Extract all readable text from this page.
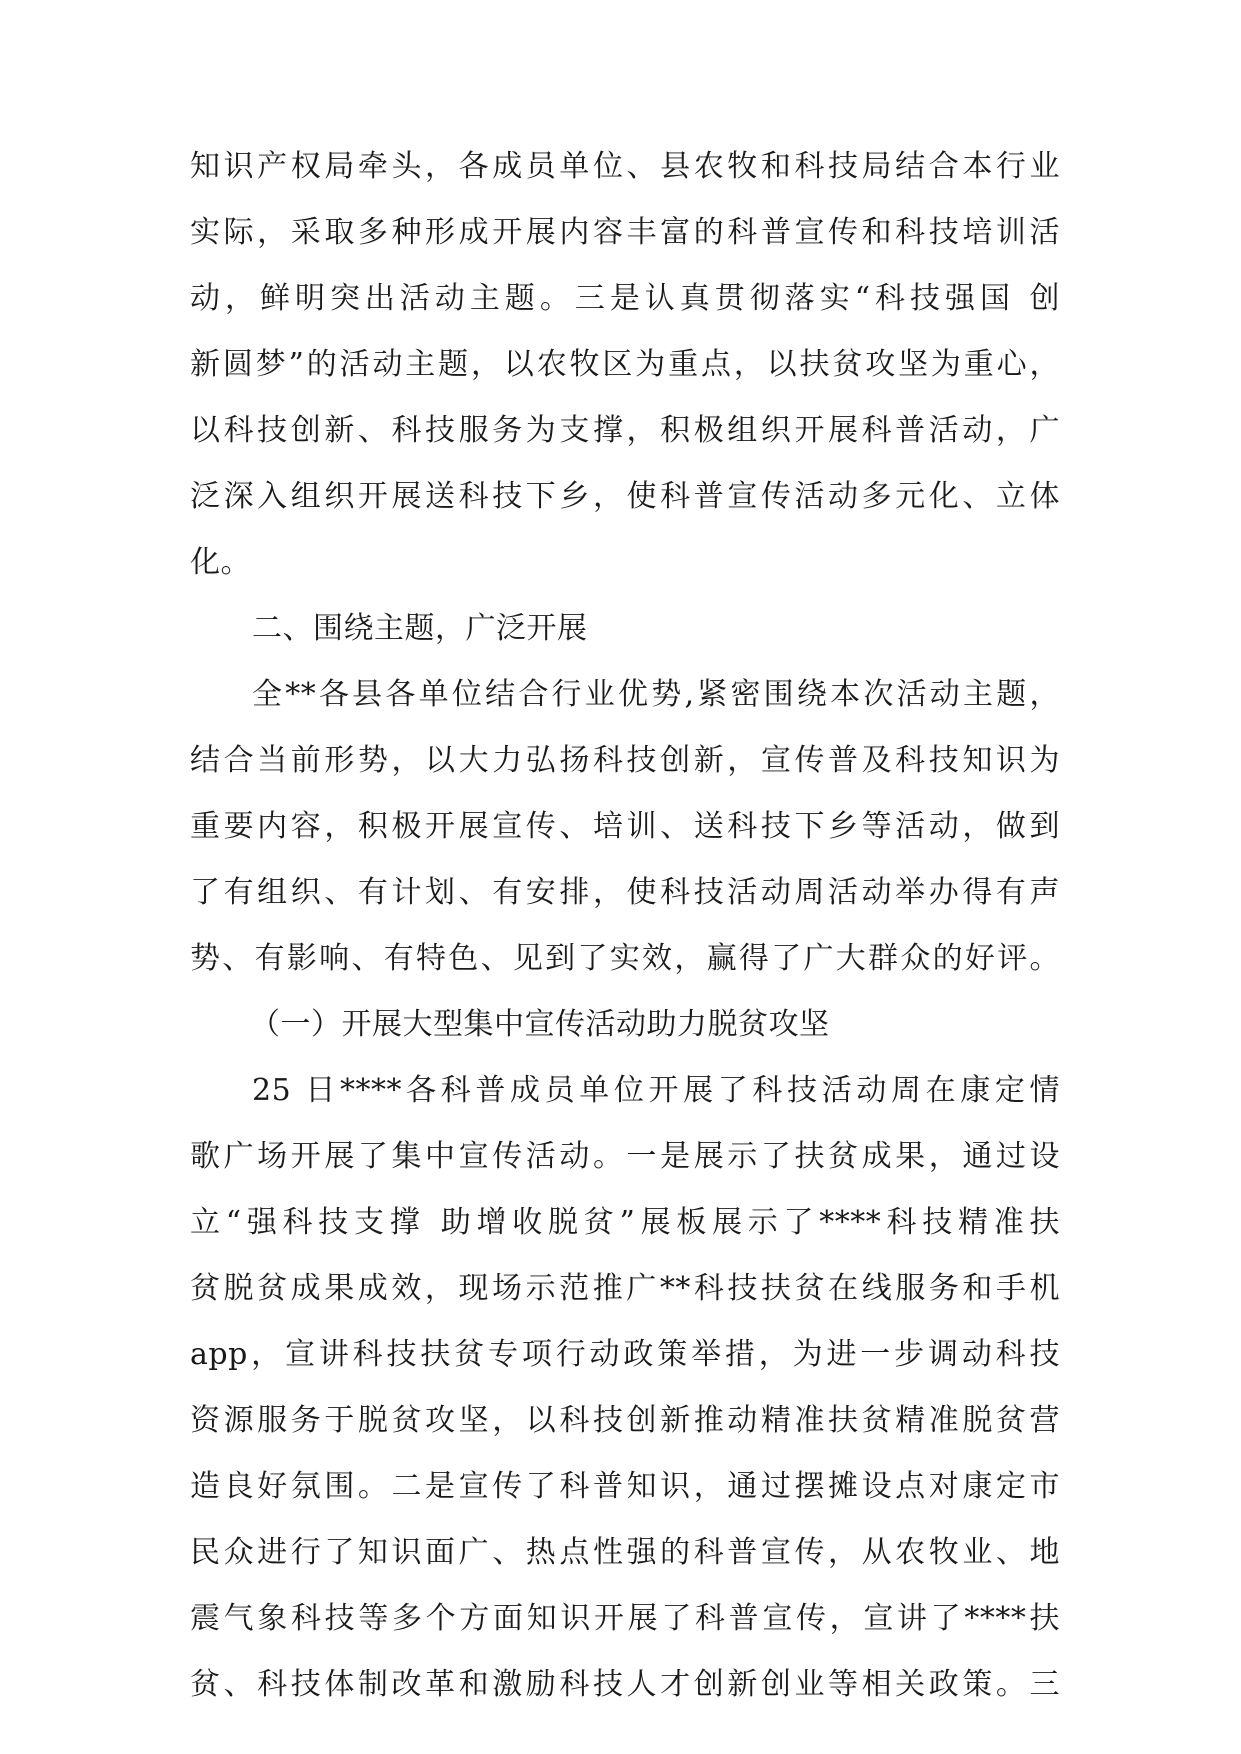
知识产权局牵头，各成员单位、县农牧和科技局结合本行业
实际，采取多种形成开展内容丰富的科普宣传和科技培训活
动，鲜明突出活动主题。三是认真贯彻落实“科技强国 创
新圆梦”的活动主题，以农牧区为重点，以扶贫攻坚为重心，
以科技创新、科技服务为支撑，积极组织开展科普活动，广
泛深入组织开展送科技下乡，使科普宣传活动多元化、立体
化。
二、围绕主题，广泛开展
全**各县各单位结合行业优势,紧密围绕本次活动主题，
结合当前形势，以大力弘扬科技创新，宣传普及科技知识为
重要内容，积极开展宣传、培训、送科技下乡等活动，做到
了有组织、有计划、有安排，使科技活动周活动举办得有声
势、有影响、有特色、见到了实效，赢得了广大群众的好评。
（一）开展大型集中宣传活动助力脱贫攻坚
25 日****各科普成员单位开展了科技活动周在康定情
歌广场开展了集中宣传活动。一是展示了扶贫成果，通过设
立“强科技支撑 助增收脱贫”展板展示了****科技精准扶
贫脱贫成果成效，现场示范推广**科技扶贫在线服务和手机
app，宣讲科技扶贫专项行动政策举措，为进一步调动科技
资源服务于脱贫攻坚，以科技创新推动精准扶贫精准脱贫营
造良好氛围。二是宣传了科普知识，通过摆摊设点对康定市
民众进行了知识面广、热点性强的科普宣传，从农牧业、地
震气象科技等多个方面知识开展了科普宣传，宣讲了****扶
贫、科技体制改革和激励科技人才创新创业等相关政策。三
